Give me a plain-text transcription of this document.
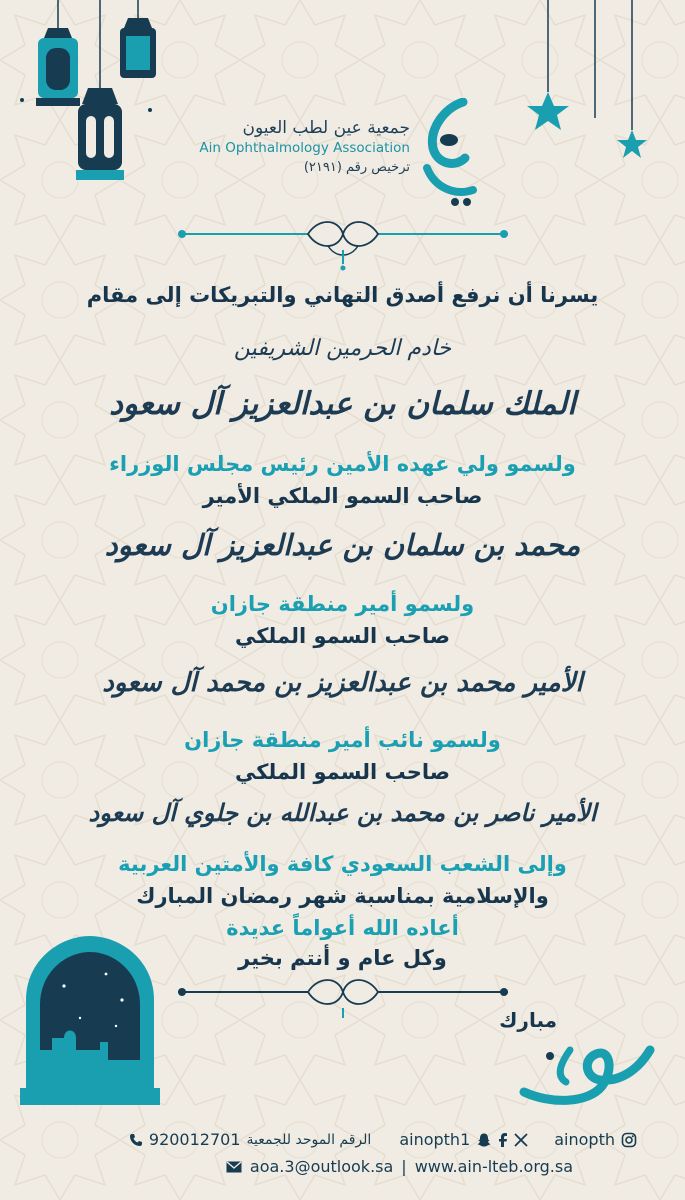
جمعية عين لطب العيون
Ain Ophthalmology Association
ترخيص رقم (٢١٩١)
يسرنا أن نرفع أصدق التهاني والتبريكات إلى مقام
خادم الحرمين الشريفين
الملك سلمان بن عبدالعزيز آل سعود
ولسمو ولي عهده الأمين رئيس مجلس الوزراء
صاحب السمو الملكي الأمير
محمد بن سلمان بن عبدالعزيز آل سعود
ولسمو أمير منطقة جازان
صاحب السمو الملكي
الأمير محمد بن عبدالعزيز بن محمد آل سعود
ولسمو نائب أمير منطقة جازان
صاحب السمو الملكي
الأمير ناصر بن محمد بن عبدالله بن جلوي آل سعود
وإلى الشعب السعودي كافة والأمتين العربية
والإسلامية بمناسبة شهر رمضان المبارك
أعاده الله أعواماً عديدة
وكل عام و أنتم بخير
مبارك
ainopth
ainopth1
الرقم الموحد للجمعية
920012701
www.ain-lteb.org.sa
|
aoa.3@outlook.sa
